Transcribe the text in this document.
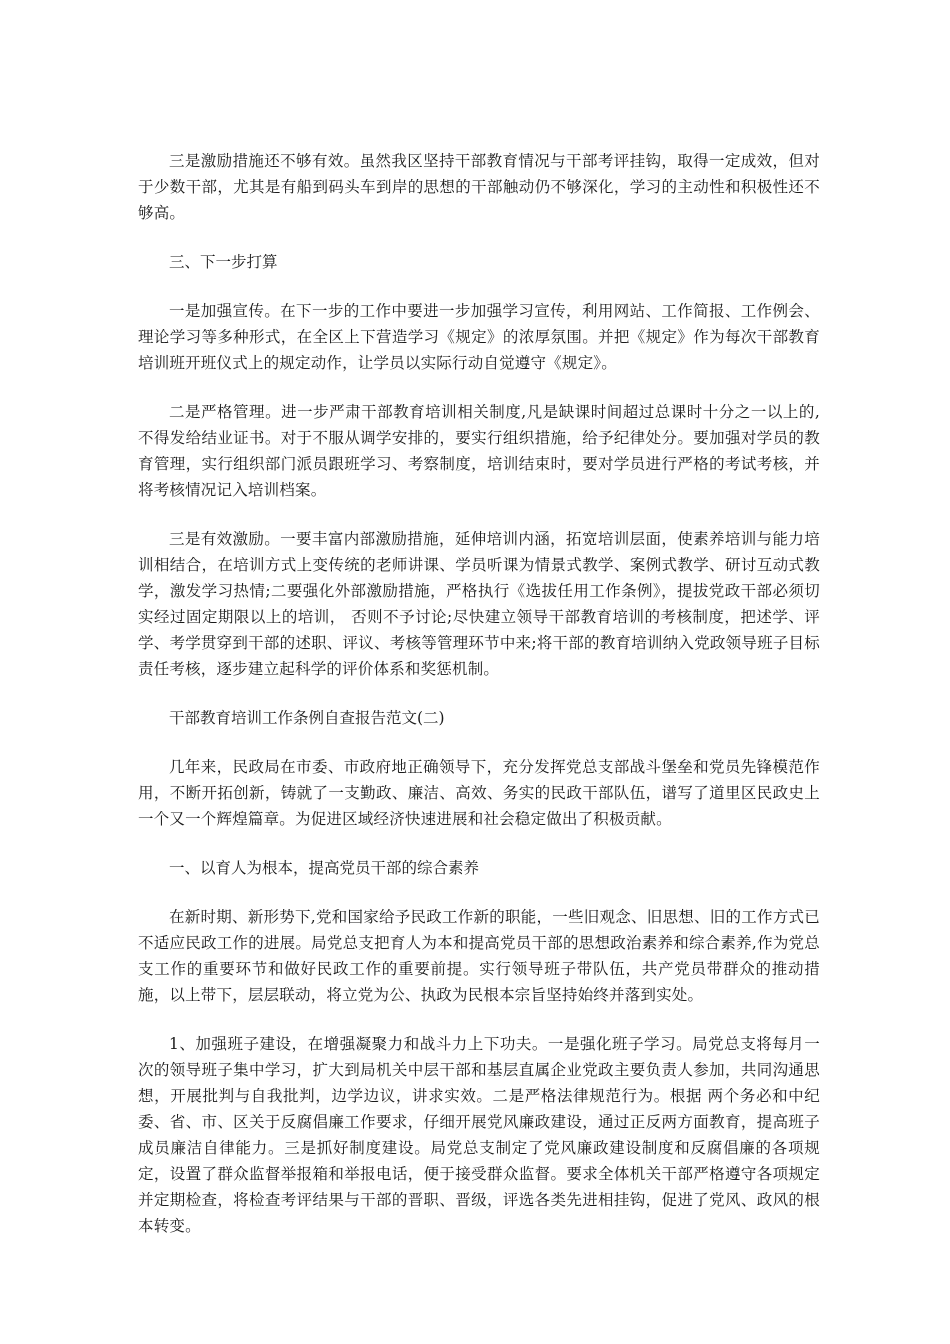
三是激励措施还不够有效。虽然我区坚持干部教育情况与干部考评挂钩，取得一定成效，但对于少数干部，尤其是有船到码头车到岸的思想的干部触动仍不够深化，学习的主动性和积极性还不够高。

三、下一步打算

一是加强宣传。在下一步的工作中要进一步加强学习宣传，利用网站、工作简报、工作例会、理论学习等多种形式，在全区上下营造学习《规定》的浓厚氛围。并把《规定》作为每次干部教育培训班开班仪式上的规定动作，让学员以实际行动自觉遵守《规定》。

二是严格管理。进一步严肃干部教育培训相关制度,凡是缺课时间超过总课时十分之一以上的,不得发给结业证书。对于不服从调学安排的，要实行组织措施，给予纪律处分。要加强对学员的教育管理，实行组织部门派员跟班学习、考察制度，培训结束时，要对学员进行严格的考试考核，并将考核情况记入培训档案。

三是有效激励。一要丰富内部激励措施，延伸培训内涵，拓宽培训层面，使素养培训与能力培训相结合，在培训方式上变传统的老师讲课、学员听课为情景式教学、案例式教学、研讨互动式教学，激发学习热情;二要强化外部激励措施，严格执行《选拔任用工作条例》，提拔党政干部必须切实经过固定期限以上的培训， 否则不予讨论;尽快建立领导干部教育培训的考核制度，把述学、评学、考学贯穿到干部的述职、评议、考核等管理环节中来;将干部的教育培训纳入党政领导班子目标责任考核，逐步建立起科学的评价体系和奖惩机制。

干部教育培训工作条例自查报告范文(二)

几年来，民政局在市委、市政府地正确领导下，充分发挥党总支部战斗堡垒和党员先锋模范作用，不断开拓创新，铸就了一支勤政、廉洁、高效、务实的民政干部队伍，谱写了道里区民政史上一个又一个辉煌篇章。为促进区域经济快速进展和社会稳定做出了积极贡献。

一、以育人为根本，提高党员干部的综合素养

在新时期、新形势下,党和国家给予民政工作新的职能，一些旧观念、旧思想、旧的工作方式已不适应民政工作的进展。局党总支把育人为本和提高党员干部的思想政治素养和综合素养,作为党总支工作的重要环节和做好民政工作的重要前提。实行领导班子带队伍，共产党员带群众的推动措施，以上带下，层层联动，将立党为公、执政为民根本宗旨坚持始终并落到实处。

1、加强班子建设，在增强凝聚力和战斗力上下功夫。一是强化班子学习。局党总支将每月一次的领导班子集中学习，扩大到局机关中层干部和基层直属企业党政主要负责人参加，共同沟通思想，开展批判与自我批判，边学边议，讲求实效。二是严格法律规范行为。根据 两个务必和中纪委、省、市、区关于反腐倡廉工作要求，仔细开展党风廉政建设，通过正反两方面教育，提高班子成员廉洁自律能力。三是抓好制度建设。局党总支制定了党风廉政建设制度和反腐倡廉的各项规定，设置了群众监督举报箱和举报电话，便于接受群众监督。要求全体机关干部严格遵守各项规定并定期检查，将检查考评结果与干部的晋职、晋级，评选各类先进相挂钩，促进了党风、政风的根本转变。
